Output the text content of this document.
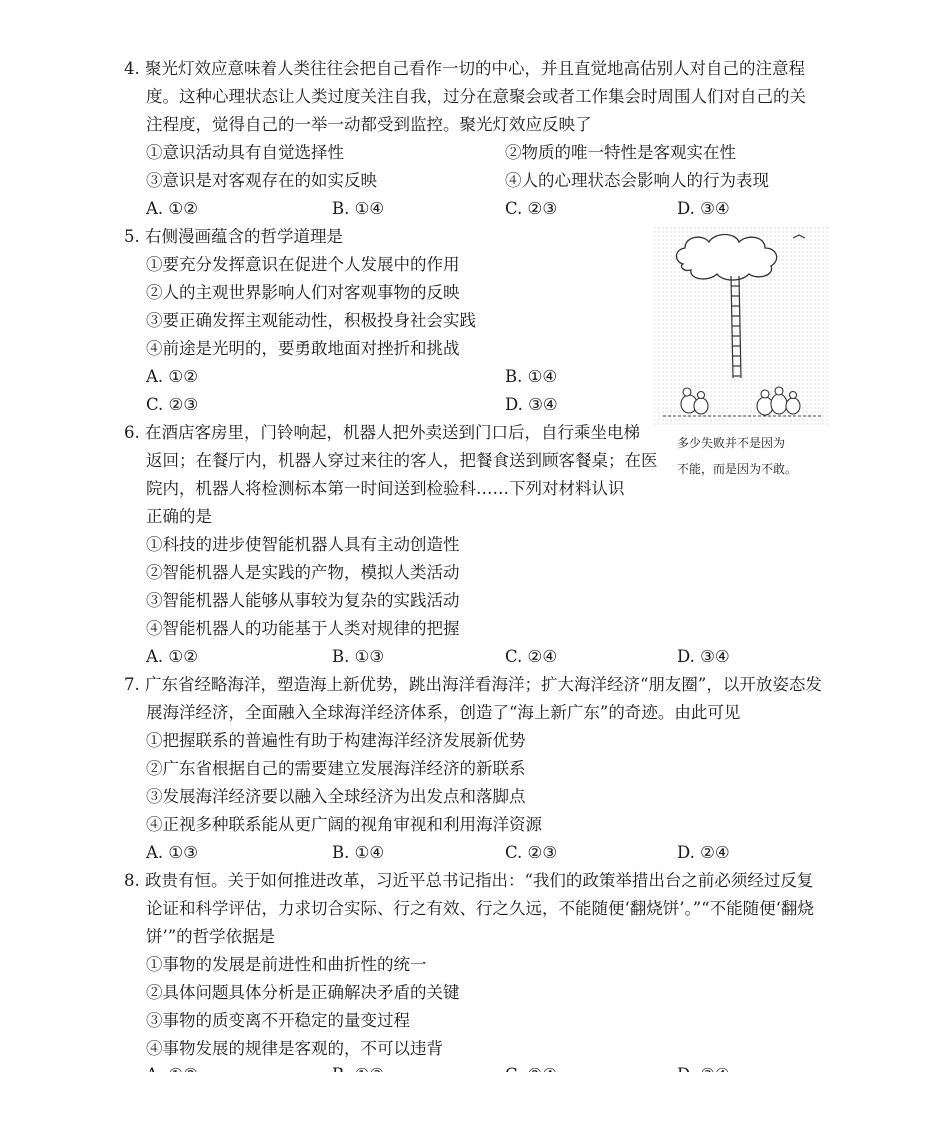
4. 聚光灯效应意味着人类往往会把自己看作一切的中心，并且直觉地高估别人对自己的注意程
度。这种心理状态让人类过度关注自我，过分在意聚会或者工作集会时周围人们对自己的关
注程度，觉得自己的一举一动都受到监控。聚光灯效应反映了
①意识活动具有自觉选择性	②物质的唯一特性是客观实在性
③意识是对客观存在的如实反映	④人的心理状态会影响人的行为表现
A. ①②	B. ①④	C. ②③	D. ③④
5. 右侧漫画蕴含的哲学道理是
①要充分发挥意识在促进个人发展中的作用
②人的主观世界影响人们对客观事物的反映
③要正确发挥主观能动性，积极投身社会实践
④前途是光明的，要勇敢地面对挫折和挑战
A. ①②	B. ①④
C. ②③	D. ③④
多少失败并不是因为
不能，而是因为不敢。
6. 在酒店客房里，门铃响起，机器人把外卖送到门口后，自行乘坐电梯
返回；在餐厅内，机器人穿过来往的客人，把餐食送到顾客餐桌；在医
院内，机器人将检测标本第一时间送到检验科……下列对材料认识
正确的是
①科技的进步使智能机器人具有主动创造性
②智能机器人是实践的产物，模拟人类活动
③智能机器人能够从事较为复杂的实践活动
④智能机器人的功能基于人类对规律的把握
A. ①②	B. ①③	C. ②④	D. ③④
7. 广东省经略海洋，塑造海上新优势，跳出海洋看海洋；扩大海洋经济“朋友圈”，以开放姿态发
展海洋经济，全面融入全球海洋经济体系，创造了“海上新广东”的奇迹。由此可见
①把握联系的普遍性有助于构建海洋经济发展新优势
②广东省根据自己的需要建立发展海洋经济的新联系
③发展海洋经济要以融入全球经济为出发点和落脚点
④正视多种联系能从更广阔的视角审视和利用海洋资源
A. ①③	B. ①④	C. ②③	D. ②④
8. 政贵有恒。关于如何推进改革，习近平总书记指出：“我们的政策举措出台之前必须经过反复
论证和科学评估，力求切合实际、行之有效、行之久远，不能随便‘翻烧饼’。”“不能随便‘翻烧
饼’”的哲学依据是
①事物的发展是前进性和曲折性的统一
②具体问题具体分析是正确解决矛盾的关键
③事物的质变离不开稳定的量变过程
④事物发展的规律是客观的，不可以违背
